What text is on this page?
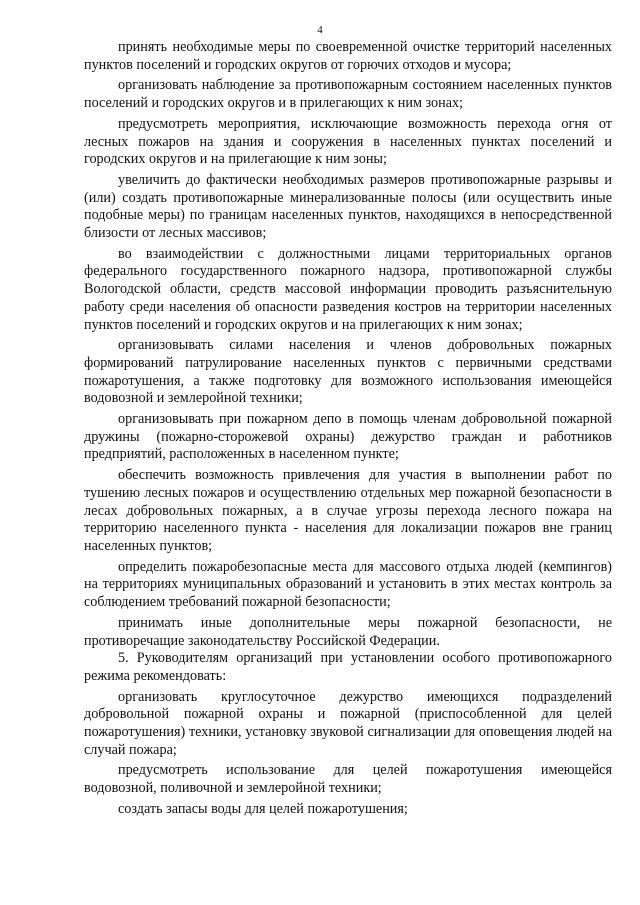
4

принять необходимые меры по своевременной очистке территорий населенных пунктов поселений и городских округов от горючих отходов и мусора;

организовать наблюдение за противопожарным состоянием населенных пунктов поселений и городских округов и в прилегающих к ним зонах;

предусмотреть мероприятия, исключающие возможность перехода огня от лесных пожаров на здания и сооружения в населенных пунктах поселений и городских округов и на прилегающие к ним зоны;

увеличить до фактически необходимых размеров противопожарные разрывы и (или) создать противопожарные минерализованные полосы (или осуществить иные подобные меры) по границам населенных пунктов, находящихся в непосредственной близости от лесных массивов;

во взаимодействии с должностными лицами территориальных органов федерального государственного пожарного надзора, противопожарной службы Вологодской области, средств массовой информации проводить разъяснительную работу среди населения об опасности разведения костров на территории населенных пунктов поселений и городских округов и на прилегающих к ним зонах;

организовывать силами населения и членов добровольных пожарных формирований патрулирование населенных пунктов с первичными средствами пожаротушения, а также подготовку для возможного использования имеющейся водовозной и землеройной техники;

организовывать при пожарном депо в помощь членам добровольной пожарной дружины (пожарно-сторожевой охраны) дежурство граждан и работников предприятий, расположенных в населенном пункте;

обеспечить возможность привлечения для участия в выполнении работ по тушению лесных пожаров и осуществлению отдельных мер пожарной безопасности в лесах добровольных пожарных, а в случае угрозы перехода лесного пожара на территорию населенного пункта - населения для локализации пожаров вне границ населенных пунктов;

определить пожаробезопасные места для массового отдыха людей (кемпингов) на территориях муниципальных образований и установить в этих местах контроль за соблюдением требований пожарной безопасности;

принимать иные дополнительные меры пожарной безопасности, не противоречащие законодательству Российской Федерации.

5. Руководителям организаций при установлении особого противопожарного режима рекомендовать:

организовать круглосуточное дежурство имеющихся подразделений добровольной пожарной охраны и пожарной (приспособленной для целей пожаротушения) техники, установку звуковой сигнализации для оповещения людей на случай пожара;

предусмотреть использование для целей пожаротушения имеющейся водовозной, поливочной и землеройной техники;

создать запасы воды для целей пожаротушения;
